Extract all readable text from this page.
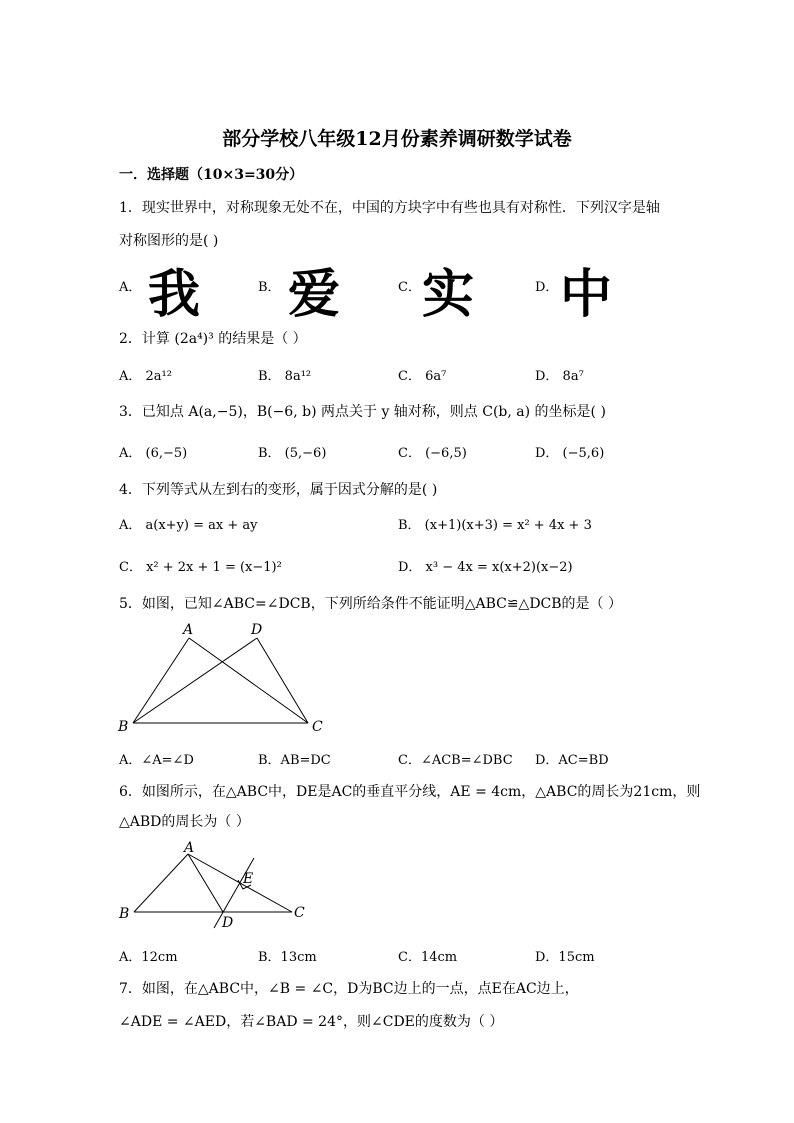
部分学校八年级12月份素养调研数学试卷
一．选择题（10×3=30分）
1．现实世界中，对称现象无处不在，中国的方块字中有些也具有对称性．下列汉字是轴
对称图形的是( )
A． 我	B． 爱	C． 实	D． 中
2．计算 (2a⁴)³ 的结果是（ ）
A． 2a¹²	B． 8a¹²	C． 6a⁷	D． 8a⁷
3．已知点 A(a,−5)，B(−6, b) 两点关于 y 轴对称，则点 C(b, a) 的坐标是( )
A． (6,−5)	B． (5,−6)	C． (−6,5)	D． (−5,6)
4．下列等式从左到右的变形，属于因式分解的是( )
A． a(x+y) = ax + ay	B． (x+1)(x+3) = x² + 4x + 3
C． x² + 2x + 1 = (x−1)²	D． x³ − 4x = x(x+2)(x−2)
5．如图，已知∠ABC=∠DCB，下列所给条件不能证明△ABC≌△DCB的是（ ）
A	D
B	C
A．∠A=∠D	B．AB=DC	C．∠ACB=∠DBC D．AC=BD
6．如图所示，在△ABC中，DE是AC的垂直平分线，AE = 4cm，△ABC的周长为21cm，则
△ABD的周长为（ ）
A
E
B
D
C
A．12cm	B．13cm	C．14cm	D．15cm
7．如图，在△ABC中，∠B = ∠C，D为BC边上的一点，点E在AC边上，
∠ADE = ∠AED，若∠BAD = 24°，则∠CDE的度数为（ ）
